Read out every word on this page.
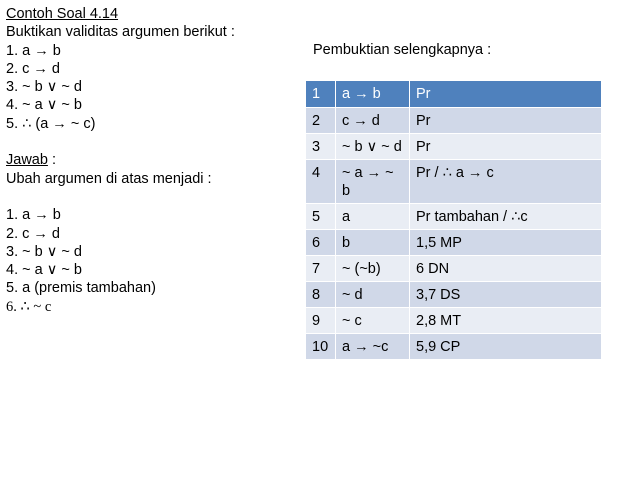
Contoh Soal 4.14
Buktikan validitas argumen berikut :
1. a → b
2. c → d
3. ~ b ∨ ~ d
4. ~ a ∨ ~ b
5. ∴ (a → ~ c)
Jawab :
Ubah argumen di atas menjadi :
1. a → b
2. c → d
3. ~ b ∨ ~ d
4. ~ a ∨ ~ b
5. a (premis tambahan)
6. ∴ ~ c
Pembuktian selengkapnya :
1	a → b	Pr
2	c → d	Pr
3	~ b ∨ ~ d	Pr
4	~ a → ~ b	Pr / ∴ a → c
5	a	Pr tambahan / ∴c
6	b	1,5 MP
7	~ (~b)	6 DN
8	~ d	3,7 DS
9	~ c	2,8 MT
10	a → ~c	5,9 CP
